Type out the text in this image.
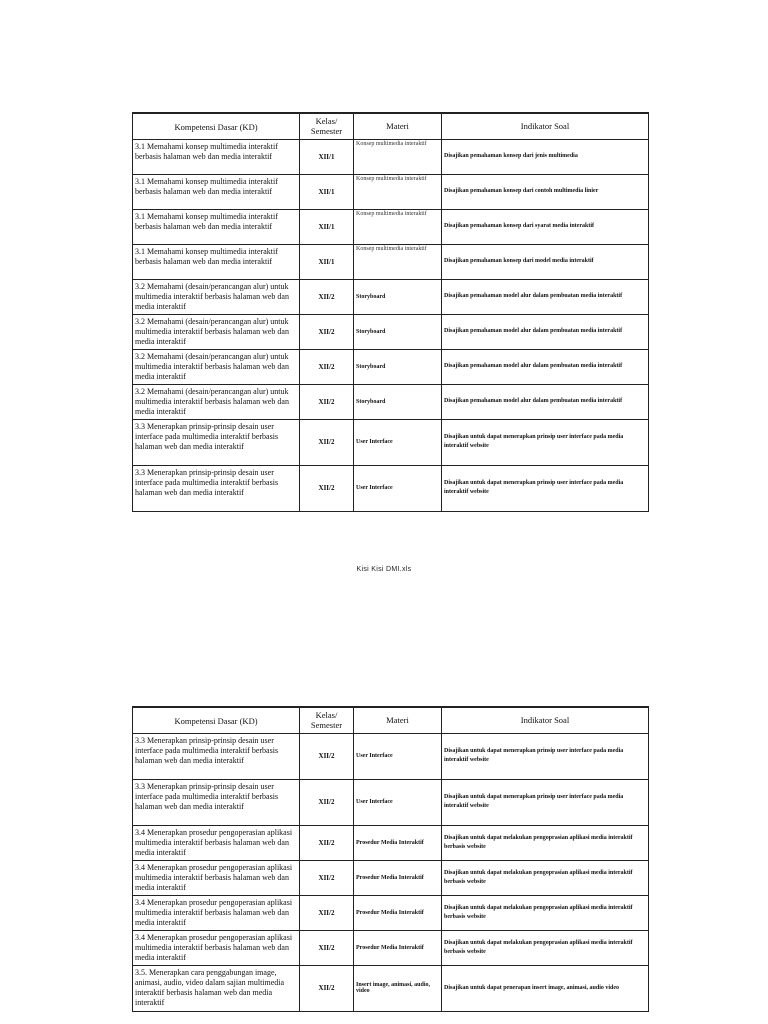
Kompetensi Dasar (KD)	Kelas/ Semester	Materi	Indikator Soal
3.1 Memahami konsep multimedia interaktif berbasis halaman web dan media interaktif	XII/1	Konsep multimedia interaktif	Disajikan pemahaman konsep dari jenis multimedia
3.1 Memahami konsep multimedia interaktif berbasis halaman web dan media interaktif	XII/1	Konsep multimedia interaktif	Disajikan pemahaman konsep dari contoh multimedia linier
3.1 Memahami konsep multimedia interaktif berbasis halaman web dan media interaktif	XII/1	Konsep multimedia interaktif	Disajikan pemahaman konsep dari syarat media interaktif
3.1 Memahami konsep multimedia interaktif berbasis halaman web dan media interaktif	XII/1	Konsep multimedia interaktif	Disajikan pemahaman konsep dari model media interaktif
3.2 Memahami (desain/perancangan alur) untuk multimedia interaktif berbasis halaman web dan media interaktif	XII/2	Storyboard	Disajikan pemahaman model alur dalam pembuatan media interaktif
3.2 Memahami (desain/perancangan alur) untuk multimedia interaktif berbasis halaman web dan media interaktif	XII/2	Storyboard	Disajikan pemahaman model alur dalam pembuatan media interaktif
3.2 Memahami (desain/perancangan alur) untuk multimedia interaktif berbasis halaman web dan media interaktif	XII/2	Storyboard	Disajikan pemahaman model alur dalam pembuatan media interaktif
3.2 Memahami (desain/perancangan alur) untuk multimedia interaktif berbasis halaman web dan media interaktif	XII/2	Storyboard	Disajikan pemahaman model alur dalam pembuatan media interaktif
3.3 Menerapkan prinsip-prinsip desain user interface pada multimedia interaktif berbasis halaman web dan media interaktif	XII/2	User Interface	Disajikan untuk dapat menerapkan prinsip user interface pada media interaktif website
3.3 Menerapkan prinsip-prinsip desain user interface pada multimedia interaktif berbasis halaman web dan media interaktif	XII/2	User Interface	Disajikan untuk dapat menerapkan prinsip user interface pada media interaktif website
Kisi Kisi DMI.xls
Kompetensi Dasar (KD)	Kelas/ Semester	Materi	Indikator Soal
3.3 Menerapkan prinsip-prinsip desain user interface pada multimedia interaktif berbasis halaman web dan media interaktif	XII/2	User Interface	Disajikan untuk dapat menerapkan prinsip user interface pada media interaktif website
3.3 Menerapkan prinsip-prinsip desain user interface pada multimedia interaktif berbasis halaman web dan media interaktif	XII/2	User Interface	Disajikan untuk dapat menerapkan prinsip user interface pada media interaktif website
3.4 Menerapkan prosedur pengoperasian aplikasi multimedia interaktif berbasis halaman web dan media interaktif	XII/2	Prosedur Media Interaktif	Disajikan untuk dapat melakukan pengoprasian aplikasi media interaktif berbasis website
3.4 Menerapkan prosedur pengoperasian aplikasi multimedia interaktif berbasis halaman web dan media interaktif	XII/2	Prosedur Media Interaktif	Disajikan untuk dapat melakukan pengoprasian aplikasi media interaktif berbasis website
3.4 Menerapkan prosedur pengoperasian aplikasi multimedia interaktif berbasis halaman web dan media interaktif	XII/2	Prosedur Media Interaktif	Disajikan untuk dapat melakukan pengoprasian aplikasi media interaktif berbasis website
3.4 Menerapkan prosedur pengoperasian aplikasi multimedia interaktif berbasis halaman web dan media interaktif	XII/2	Prosedur Media Interaktif	Disajikan untuk dapat melakukan pengoprasian aplikasi media interaktif berbasis website
3.5. Menerapkan cara penggabungan image, animasi, audio, video dalam sajian multimedia interaktif berbasis halaman web dan media interaktif	XII/2	Insert image, animasi, audio, video	Disajikan untuk dapat penerapan insert image, animasi, audio video
